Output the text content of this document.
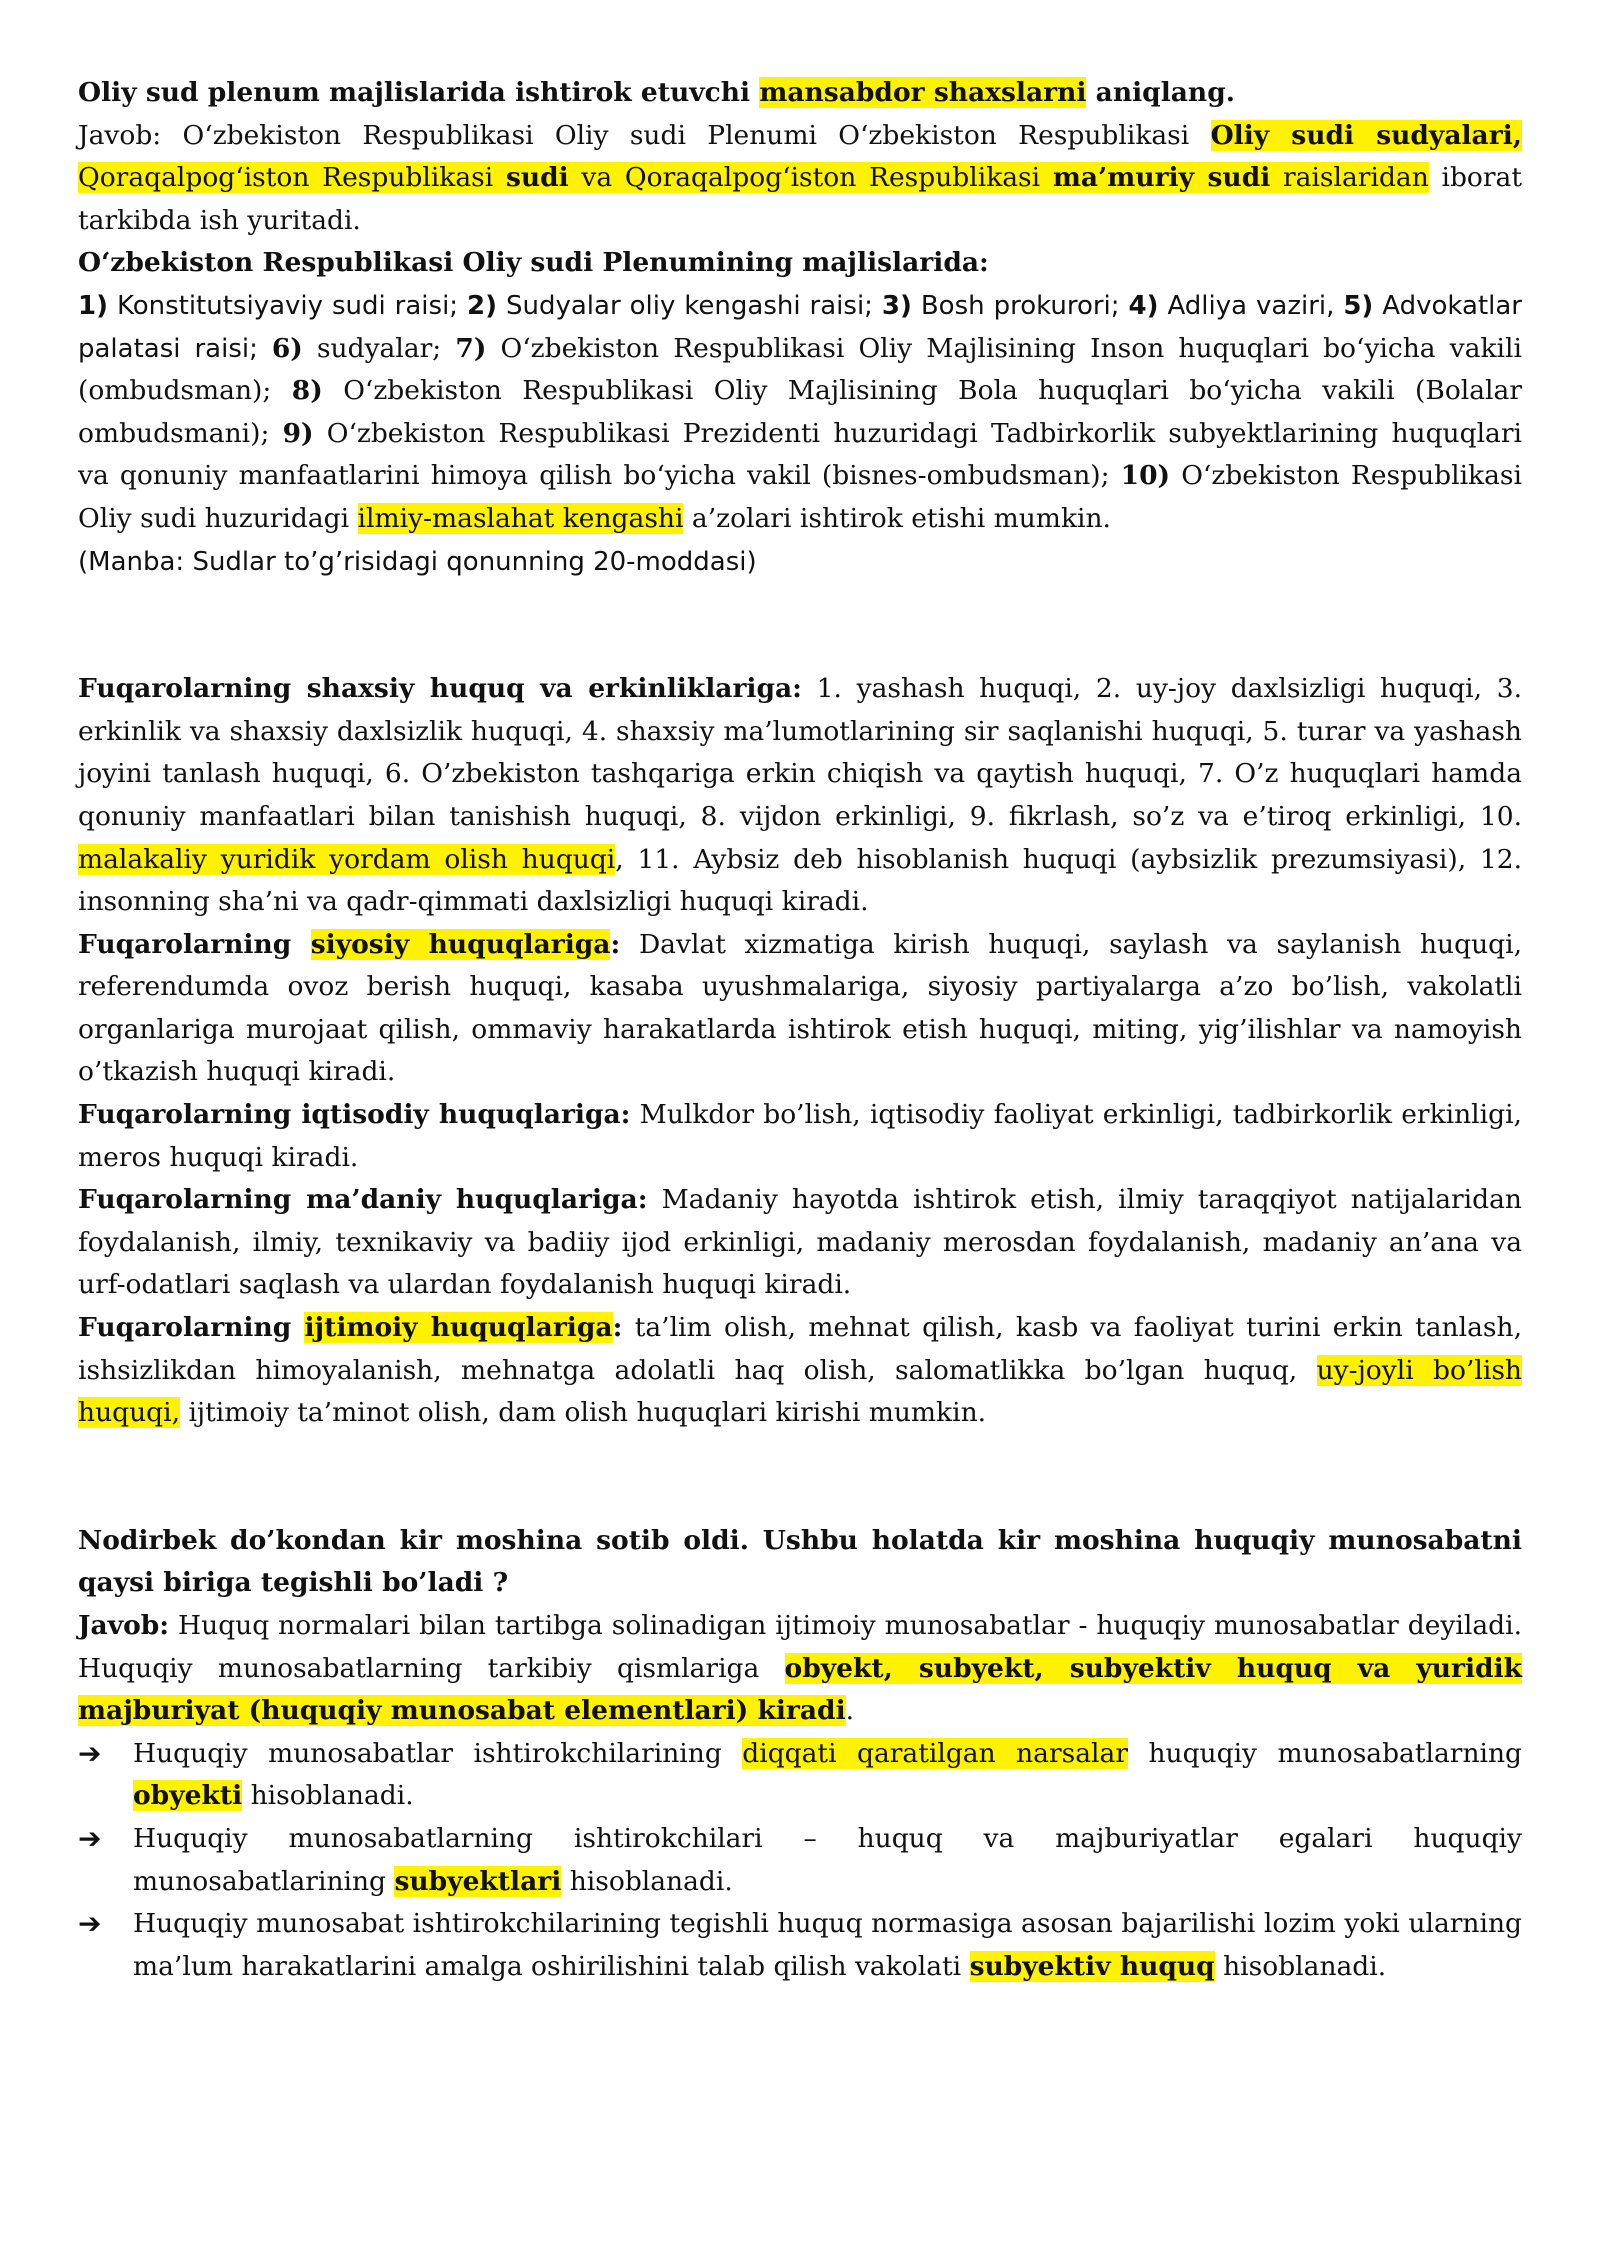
Oliy sud plenum majlislarida ishtirok etuvchi mansabdor shaxslarni aniqlang.

Javob: O‘zbekiston Respublikasi Oliy sudi Plenumi O‘zbekiston Respublikasi Oliy sudi sudyalari, Qoraqalpog‘iston Respublikasi sudi va Qoraqalpog‘iston Respublikasi ma’muriy sudi raislaridan iborat tarkibda ish yuritadi.

O‘zbekiston Respublikasi Oliy sudi Plenumining majlislarida:

1) Konstitutsiyaviy sudi raisi; 2) Sudyalar oliy kengashi raisi; 3) Bosh prokurori; 4) Adliya vaziri, 5) Advokatlar palatasi raisi; 6) sudyalar; 7) O‘zbekiston Respublikasi Oliy Majlisining Inson huquqlari bo‘yicha vakili (ombudsman); 8) O‘zbekiston Respublikasi Oliy Majlisining Bola huquqlari bo‘yicha vakili (Bolalar ombudsmani); 9) O‘zbekiston Respublikasi Prezidenti huzuridagi Tadbirkorlik subyektlarining huquqlari va qonuniy manfaatlarini himoya qilish bo‘yicha vakil (bisnes-ombudsman); 10) O‘zbekiston Respublikasi Oliy sudi huzuridagi ilmiy-maslahat kengashi a’zolari ishtirok etishi mumkin.

(Manba: Sudlar to’g’risidagi qonunning 20-moddasi)

Fuqarolarning shaxsiy huquq va erkinliklariga: 1. yashash huquqi, 2. uy-joy daxlsizligi huquqi, 3. erkinlik va shaxsiy daxlsizlik huquqi, 4. shaxsiy ma’lumotlarining sir saqlanishi huquqi, 5. turar va yashash joyini tanlash huquqi, 6. O’zbekiston tashqariga erkin chiqish va qaytish huquqi, 7. O’z huquqlari hamda qonuniy manfaatlari bilan tanishish huquqi, 8. vijdon erkinligi, 9. fikrlash, so’z va e’tiroq erkinligi, 10. malakaliy yuridik yordam olish huquqi, 11. Aybsiz deb hisoblanish huquqi (aybsizlik prezumsiyasi), 12. insonning sha’ni va qadr-qimmati daxlsizligi huquqi kiradi.

Fuqarolarning siyosiy huquqlariga: Davlat xizmatiga kirish huquqi, saylash va saylanish huquqi, referendumda ovoz berish huquqi, kasaba uyushmalariga, siyosiy partiyalarga a’zo bo’lish, vakolatli organlariga murojaat qilish, ommaviy harakatlarda ishtirok etish huquqi, miting, yig’ilishlar va namoyish o’tkazish huquqi kiradi.

Fuqarolarning iqtisodiy huquqlariga: Mulkdor bo’lish, iqtisodiy faoliyat erkinligi, tadbirkorlik erkinligi, meros huquqi kiradi.

Fuqarolarning ma’daniy huquqlariga: Madaniy hayotda ishtirok etish, ilmiy taraqqiyot natijalaridan foydalanish, ilmiy, texnikaviy va badiiy ijod erkinligi, madaniy merosdan foydalanish, madaniy an’ana va urf-odatlari saqlash va ulardan foydalanish huquqi kiradi.

Fuqarolarning ijtimoiy huquqlariga: ta’lim olish, mehnat qilish, kasb va faoliyat turini erkin tanlash, ishsizlikdan himoyalanish, mehnatga adolatli haq olish, salomatlikka bo’lgan huquq, uy-joyli bo’lish huquqi, ijtimoiy ta’minot olish, dam olish huquqlari kirishi mumkin.

Nodirbek do’kondan kir moshina sotib oldi. Ushbu holatda kir moshina huquqiy munosabatni qaysi biriga tegishli bo’ladi ?

Javob: Huquq normalari bilan tartibga solinadigan ijtimoiy munosabatlar - huquqiy munosabatlar deyiladi. Huquqiy munosabatlarning tarkibiy qismlariga obyekt, subyekt, subyektiv huquq va yuridik majburiyat (huquqiy munosabat elementlari) kiradi.

➔ Huquqiy munosabatlar ishtirokchilarining diqqati qaratilgan narsalar huquqiy munosabatlarning obyekti hisoblanadi.
➔ Huquqiy munosabatlarning ishtirokchilari – huquq va majburiyatlar egalari huquqiy munosabatlarining subyektlari hisoblanadi.
➔ Huquqiy munosabat ishtirokchilarining tegishli huquq normasiga asosan bajarilishi lozim yoki ularning ma’lum harakatlarini amalga oshirilishini talab qilish vakolati subyektiv huquq hisoblanadi.
